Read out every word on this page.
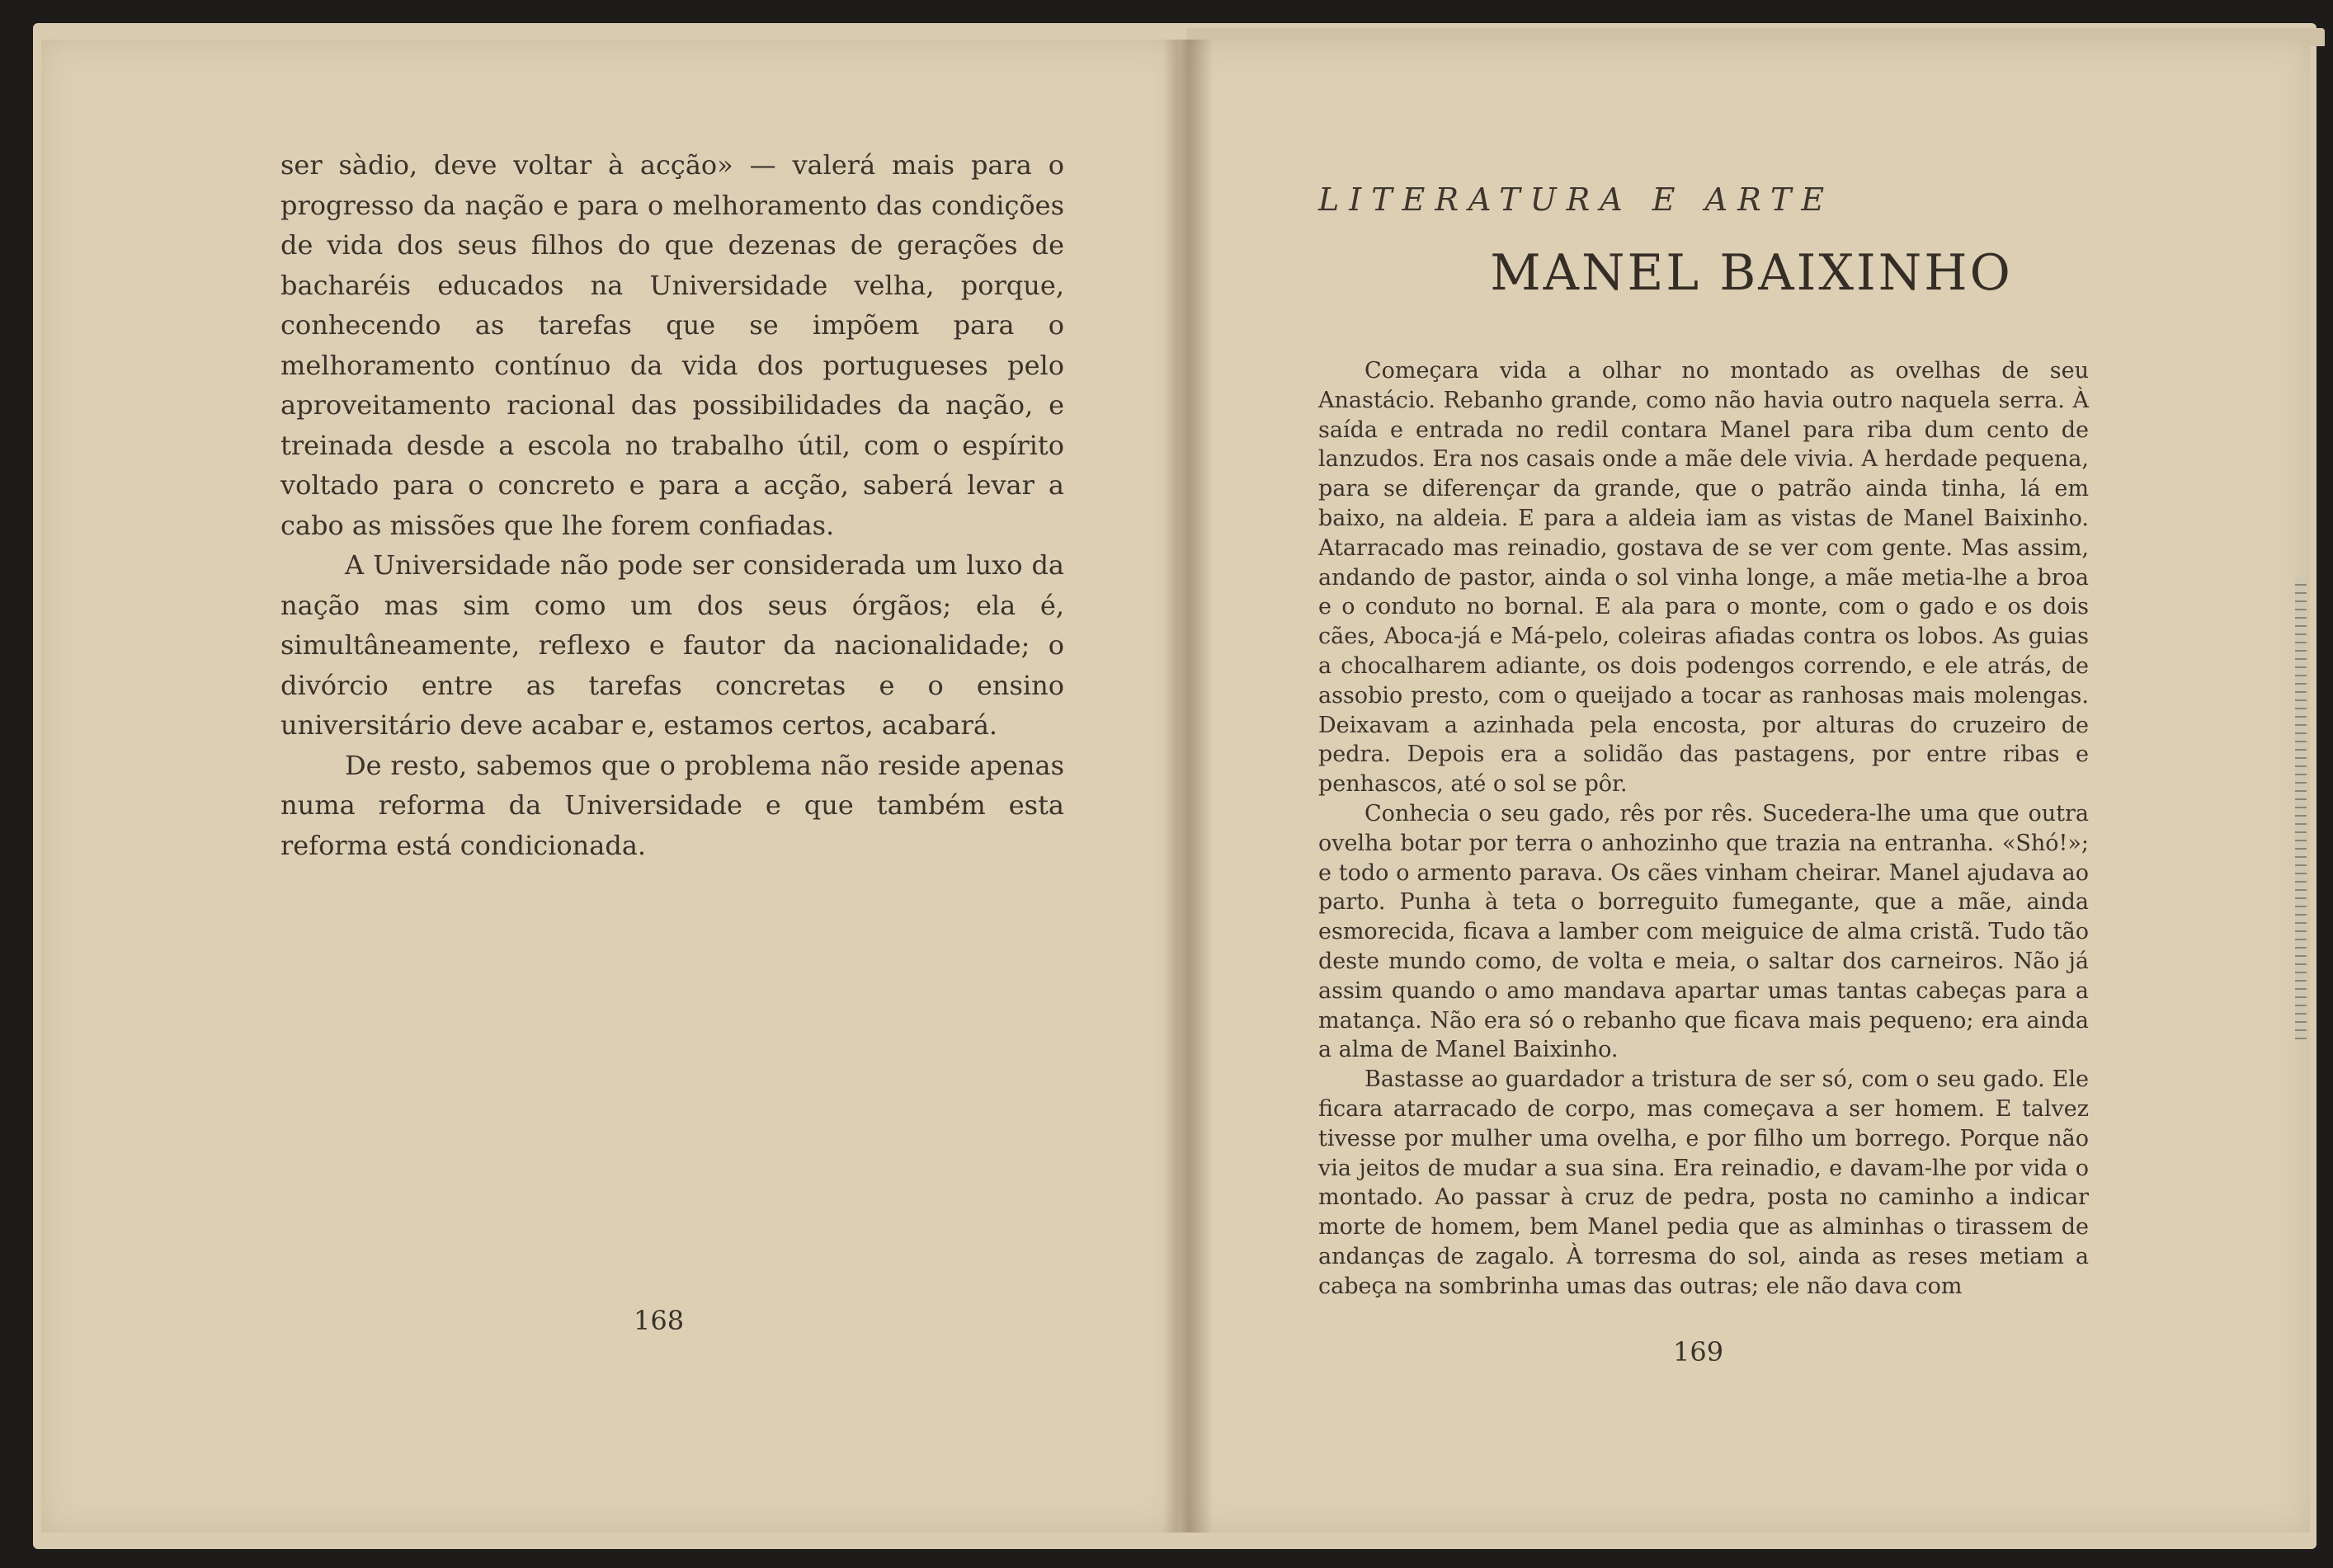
ser sàdio, deve voltar à acção» — valerá mais para o progresso da nação e para o melhoramento das condições de vida dos seus filhos do que dezenas de gerações de bacharéis educados na Universidade velha, porque, conhecendo as tarefas que se impõem para o melhoramento contínuo da vida dos portugueses pelo aproveitamento racional das possibilidades da nação, e treinada desde a escola no trabalho útil, com o espírito voltado para o concreto e para a acção, saberá levar a cabo as missões que lhe forem confiadas.

A Universidade não pode ser considerada um luxo da nação mas sim como um dos seus órgãos; ela é, simultâneamente, reflexo e fautor da nacionalidade; o divórcio entre as tarefas concretas e o ensino universitário deve acabar e, estamos certos, acabará.

De resto, sabemos que o problema não reside apenas numa reforma da Universidade e que também esta reforma está condicionada.

168
LITERATURA E ARTE
MANEL BAIXINHO

Começara vida a olhar no montado as ovelhas de seu Anastácio. Rebanho grande, como não havia outro naquela serra. À saída e entrada no redil contara Manel para riba dum cento de lanzudos. Era nos casais onde a mãe dele vivia. A herdade pequena, para se diferençar da grande, que o patrão ainda tinha, lá em baixo, na aldeia. E para a aldeia iam as vistas de Manel Baixinho. Atarracado mas reinadio, gostava de se ver com gente. Mas assim, andando de pastor, ainda o sol vinha longe, a mãe metia-lhe a broa e o conduto no bornal. E ala para o monte, com o gado e os dois cães, Aboca-já e Má-pelo, coleiras afiadas contra os lobos. As guias a chocalharem adiante, os dois podengos correndo, e ele atrás, de assobio presto, com o queijado a tocar as ranhosas mais molengas. Deixavam a azinhada pela encosta, por alturas do cruzeiro de pedra. Depois era a solidão das pastagens, por entre ribas e penhascos, até o sol se pôr.

Conhecia o seu gado, rês por rês. Sucedera-lhe uma que outra ovelha botar por terra o anhozinho que trazia na entranha. «Shó!»; e todo o armento parava. Os cães vinham cheirar. Manel ajudava ao parto. Punha à teta o borreguito fumegante, que a mãe, ainda esmorecida, ficava a lamber com meiguice de alma cristã. Tudo tão deste mundo como, de volta e meia, o saltar dos carneiros. Não já assim quando o amo mandava apartar umas tantas cabeças para a matança. Não era só o rebanho que ficava mais pequeno; era ainda a alma de Manel Baixinho.

Bastasse ao guardador a tristura de ser só, com o seu gado. Ele ficara atarracado de corpo, mas começava a ser homem. E talvez tivesse por mulher uma ovelha, e por filho um borrego. Porque não via jeitos de mudar a sua sina. Era reinadio, e davam-lhe por vida o montado. Ao passar à cruz de pedra, posta no caminho a indicar morte de homem, bem Manel pedia que as alminhas o tirassem de andanças de zagalo. À torresma do sol, ainda as reses metiam a cabeça na sombrinha umas das outras; ele não dava com

169
